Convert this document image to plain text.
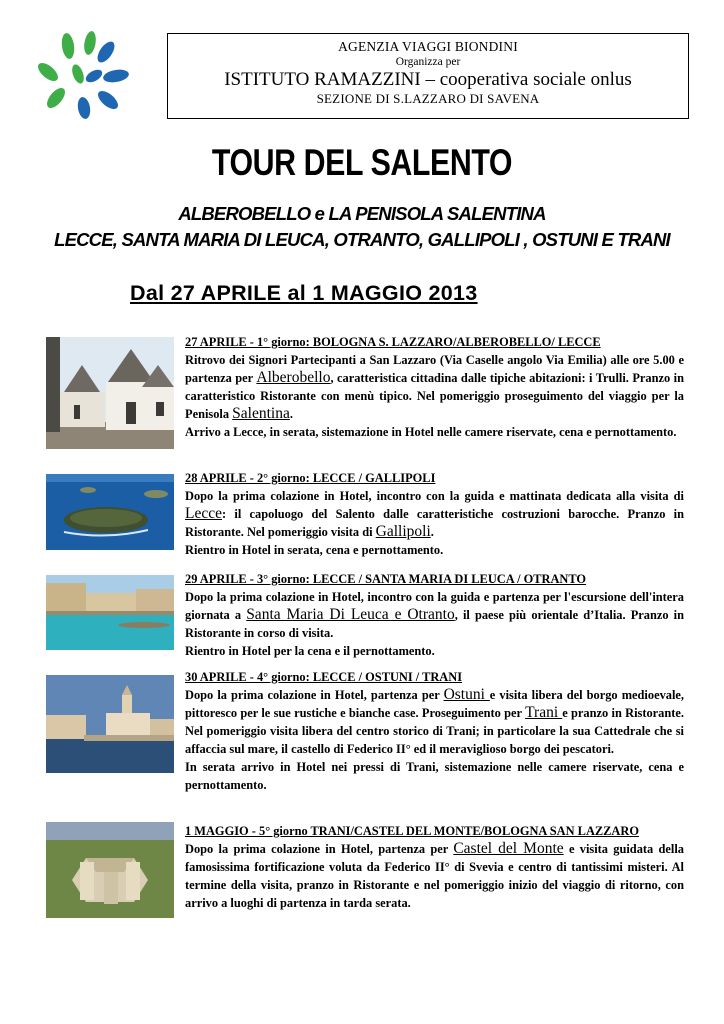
AGENZIA VIAGGI BIONDINI
Organizza per
ISTITUTO RAMAZZINI – cooperativa sociale onlus
SEZIONE DI S.LAZZARO DI SAVENA
TOUR DEL SALENTO
ALBEROBELLO e LA PENISOLA SALENTINA
LECCE, SANTA MARIA DI LEUCA, OTRANTO, GALLIPOLI , OSTUNI E TRANI
Dal 27 APRILE al 1 MAGGIO 2013

27 APRILE - 1° giorno: BOLOGNA S. LAZZARO/ALBEROBELLO/ LECCE

Ritrovo dei Signori Partecipanti a San Lazzaro (Via Caselle angolo Via Emilia) alle ore 5.00 e partenza per Alberobello, caratteristica cittadina dalle tipiche abitazioni: i Trulli. Pranzo in caratteristico Ristorante con menù tipico. Nel pomeriggio proseguimento del viaggio per la Penisola Salentina.

Arrivo a Lecce, in serata, sistemazione in Hotel nelle camere riservate, cena e pernottamento.

28 APRILE - 2° giorno: LECCE / GALLIPOLI

Dopo la prima colazione in Hotel, incontro con la guida e mattinata dedicata alla visita di Lecce: il capoluogo del Salento dalle caratteristiche costruzioni barocche. Pranzo in Ristorante. Nel pomeriggio visita di Gallipoli.

Rientro in Hotel in serata, cena e pernottamento.

29 APRILE - 3° giorno: LECCE / SANTA MARIA DI LEUCA / OTRANTO

Dopo la prima colazione in Hotel, incontro con la guida e partenza per l'escursione dell'intera giornata a Santa Maria Di Leuca e Otranto, il paese più orientale d’Italia. Pranzo in Ristorante in corso di visita.

Rientro in Hotel per la cena e il pernottamento.

30 APRILE - 4° giorno: LECCE / OSTUNI / TRANI

Dopo la prima colazione in Hotel, partenza per Ostuni e visita libera del borgo medioevale, pittoresco per le sue rustiche e bianche case. Proseguimento per Trani e pranzo in Ristorante. Nel pomeriggio visita libera del centro storico di Trani; in particolare la sua Cattedrale che si affaccia sul mare, il castello di Federico II° ed il meraviglioso borgo dei pescatori.

In serata arrivo in Hotel nei pressi di Trani, sistemazione nelle camere riservate, cena e pernottamento.

1 MAGGIO - 5° giorno TRANI/CASTEL DEL MONTE/BOLOGNA SAN LAZZARO

Dopo la prima colazione in Hotel, partenza per Castel del Monte e visita guidata della famosissima fortificazione voluta da Federico II° di Svevia e centro di tantissimi misteri. Al termine della visita, pranzo in Ristorante e nel pomeriggio inizio del viaggio di ritorno, con arrivo a luoghi di partenza in tarda serata.
